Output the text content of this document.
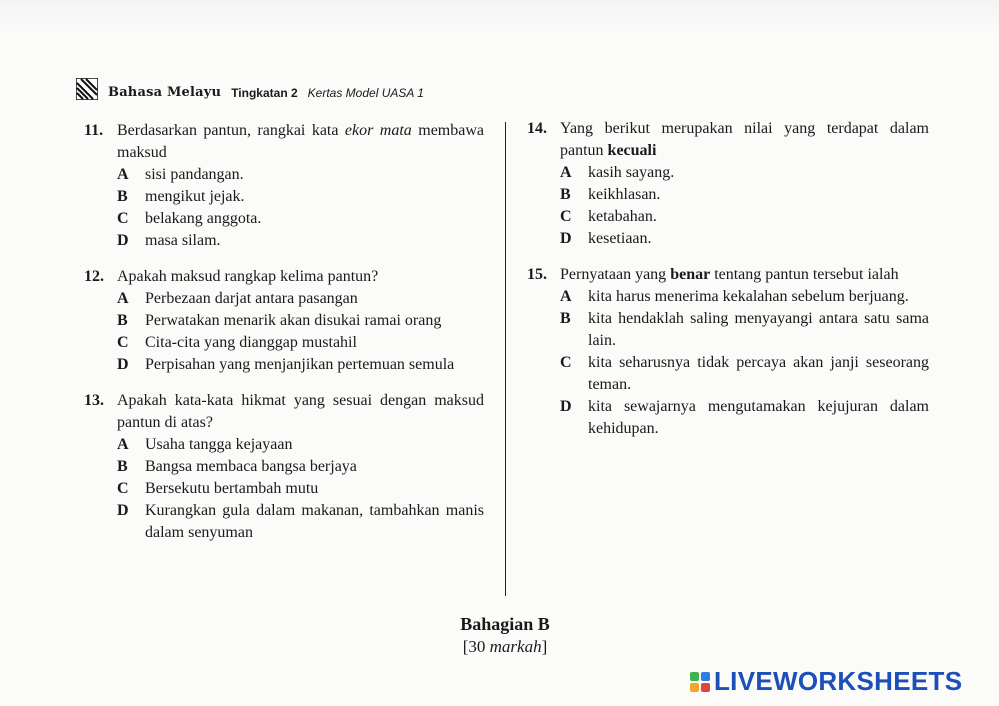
Bahasa Melayu Tingkatan 2 Kertas Model UASA 1
11. Berdasarkan pantun, rangkai kata ekor mata membawa maksud
A	sisi pandangan.
B	mengikut jejak.
C	belakang anggota.
D	masa silam.
12. Apakah maksud rangkap kelima pantun?
A	Perbezaan darjat antara pasangan
B	Perwatakan menarik akan disukai ramai orang
C	Cita-cita yang dianggap mustahil
D	Perpisahan yang menjanjikan pertemuan semula
13. Apakah kata-kata hikmat yang sesuai dengan maksud pantun di atas?
A	Usaha tangga kejayaan
B	Bangsa membaca bangsa berjaya
C	Bersekutu bertambah mutu
D	Kurangkan gula dalam makanan, tambahkan manis dalam senyuman
14. Yang berikut merupakan nilai yang terdapat dalam pantun kecuali
A	kasih sayang.
B	keikhlasan.
C	ketabahan.
D	kesetiaan.
15. Pernyataan yang benar tentang pantun tersebut ialah
A	kita harus menerima kekalahan sebelum berjuang.
B	kita hendaklah saling menyayangi antara satu sama lain.
C	kita seharusnya tidak percaya akan janji seseorang teman.
D	kita sewajarnya mengutamakan kejujuran dalam kehidupan.
Bahagian B
[30 markah]
LIVEWORKSHEETS
